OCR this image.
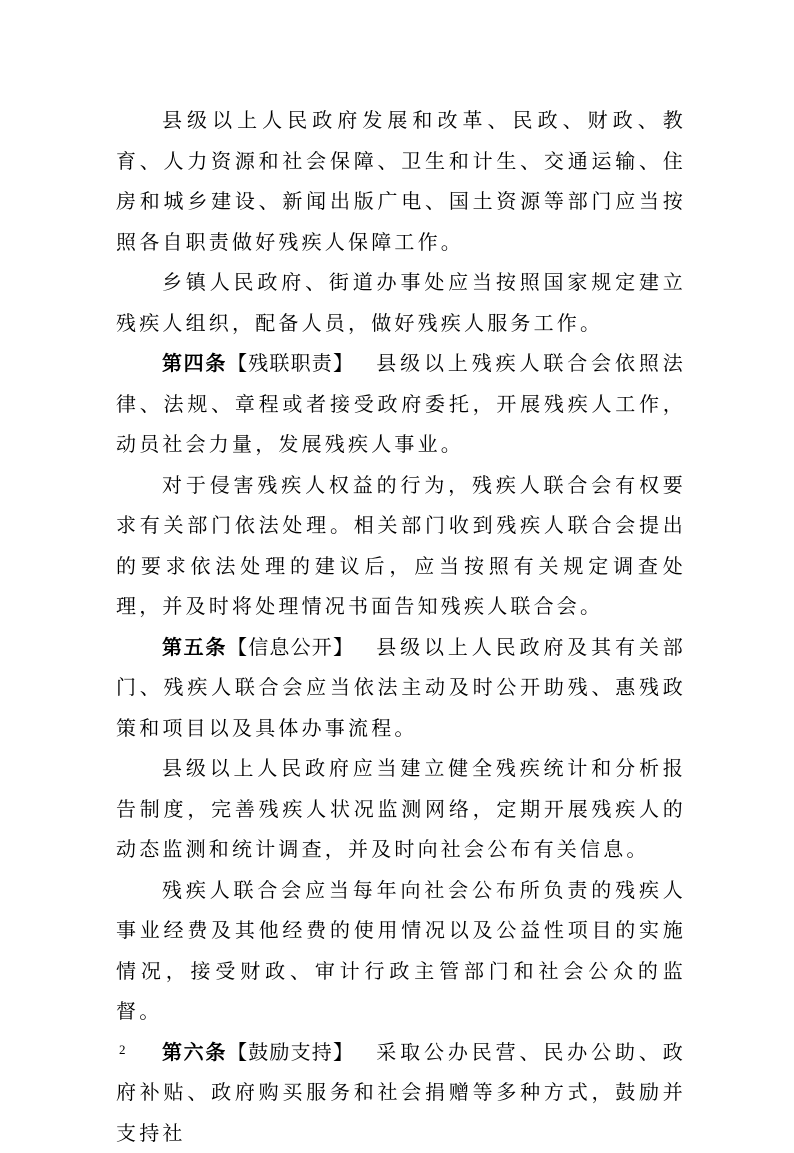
县级以上人民政府发展和改革、民政、财政、教育、人力资源和社会保障、卫生和计生、交通运输、住房和城乡建设、新闻出版广电、国土资源等部门应当按照各自职责做好残疾人保障工作。

乡镇人民政府、街道办事处应当按照国家规定建立残疾人组织，配备人员，做好残疾人服务工作。

第四条【残联职责】 县级以上残疾人联合会依照法律、法规、章程或者接受政府委托，开展残疾人工作，动员社会力量，发展残疾人事业。

对于侵害残疾人权益的行为，残疾人联合会有权要求有关部门依法处理。相关部门收到残疾人联合会提出的要求依法处理的建议后，应当按照有关规定调查处理，并及时将处理情况书面告知残疾人联合会。

第五条【信息公开】 县级以上人民政府及其有关部门、残疾人联合会应当依法主动及时公开助残、惠残政策和项目以及具体办事流程。

县级以上人民政府应当建立健全残疾统计和分析报告制度，完善残疾人状况监测网络，定期开展残疾人的动态监测和统计调查，并及时向社会公布有关信息。

残疾人联合会应当每年向社会公布所负责的残疾人事业经费及其他经费的使用情况以及公益性项目的实施情况，接受财政、审计行政主管部门和社会公众的监督。

第六条【鼓励支持】 采取公办民营、民办公助、政府补贴、政府购买服务和社会捐赠等多种方式，鼓励并支持社

2
